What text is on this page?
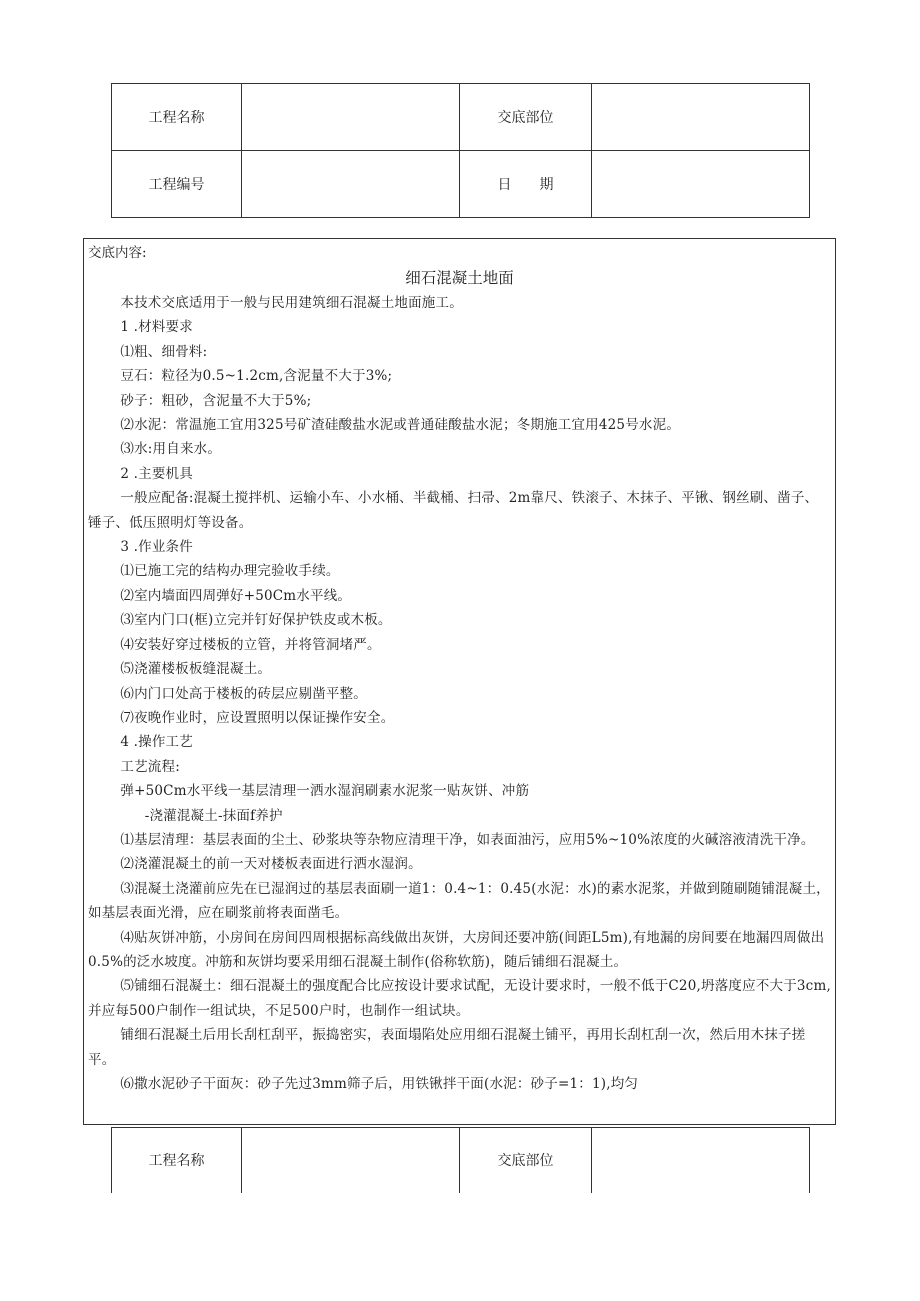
工程名称		交底部位	
工程编号		日　　期	
交底内容:
细石混凝土地面

本技术交底适用于一般与民用建筑细石混凝土地面施工。

1 .材料要求

⑴粗、细骨料:

豆石：粒径为0.5~1.2cm,含泥量不大于3%;

砂子：粗砂，含泥量不大于5%;

⑵水泥：常温施工宜用325号矿渣硅酸盐水泥或普通硅酸盐水泥；冬期施工宜用425号水泥。

⑶水:用自来水。

2 .主要机具

一般应配备:混凝土搅拌机、运输小车、小水桶、半截桶、扫帚、2m靠尺、铁滚子、木抹子、平锹、钢丝刷、凿子、锤子、低压照明灯等设备。

3 .作业条件

⑴已施工完的结构办理完验收手续。

⑵室内墙面四周弹好+50Cm水平线。

⑶室内门口(框)立完并钉好保护铁皮或木板。

⑷安装好穿过楼板的立管，并将管洞堵严。

⑸浇灌楼板板缝混凝土。

⑹内门口处高于楼板的砖层应剔凿平整。

⑺夜晚作业时，应设置照明以保证操作安全。

4 .操作工艺

工艺流程:

弹+50Cm水平线一基层清理一洒水湿润刷素水泥浆一贴灰饼、冲筋

-浇灌混凝土-抹面f养护

⑴基层清理：基层表面的尘土、砂浆块等杂物应清理干净，如表面油污，应用5%~10%浓度的火碱溶液清洗干净。

⑵浇灌混凝土的前一天对楼板表面进行洒水湿润。

⑶混凝土浇灌前应先在已湿润过的基层表面刷一道1：0.4~1：0.45(水泥：水)的素水泥浆，并做到随刷随铺混凝土，如基层表面光滑，应在刷浆前将表面凿毛。

⑷贴灰饼冲筋，小房间在房间四周根据标高线做出灰饼，大房间还要冲筋(间距L5m),有地漏的房间要在地漏四周做出0.5%的泛水坡度。冲筋和灰饼均要采用细石混凝土制作(俗称软筋)，随后铺细石混凝土。

⑸铺细石混凝土：细石混凝土的强度配合比应按设计要求试配，无设计要求时，一般不低于C20,坍落度应不大于3cm,并应每500户制作一组试块，不足500户时，也制作一组试块。

铺细石混凝土后用长刮杠刮平，振捣密实，表面塌陷处应用细石混凝土铺平，再用长刮杠刮一次，然后用木抹子搓平。

⑹撒水泥砂子干面灰：砂子先过3mm筛子后，用铁锹拌干面(水泥：砂子=1：1),均匀

工程名称		交底部位	
